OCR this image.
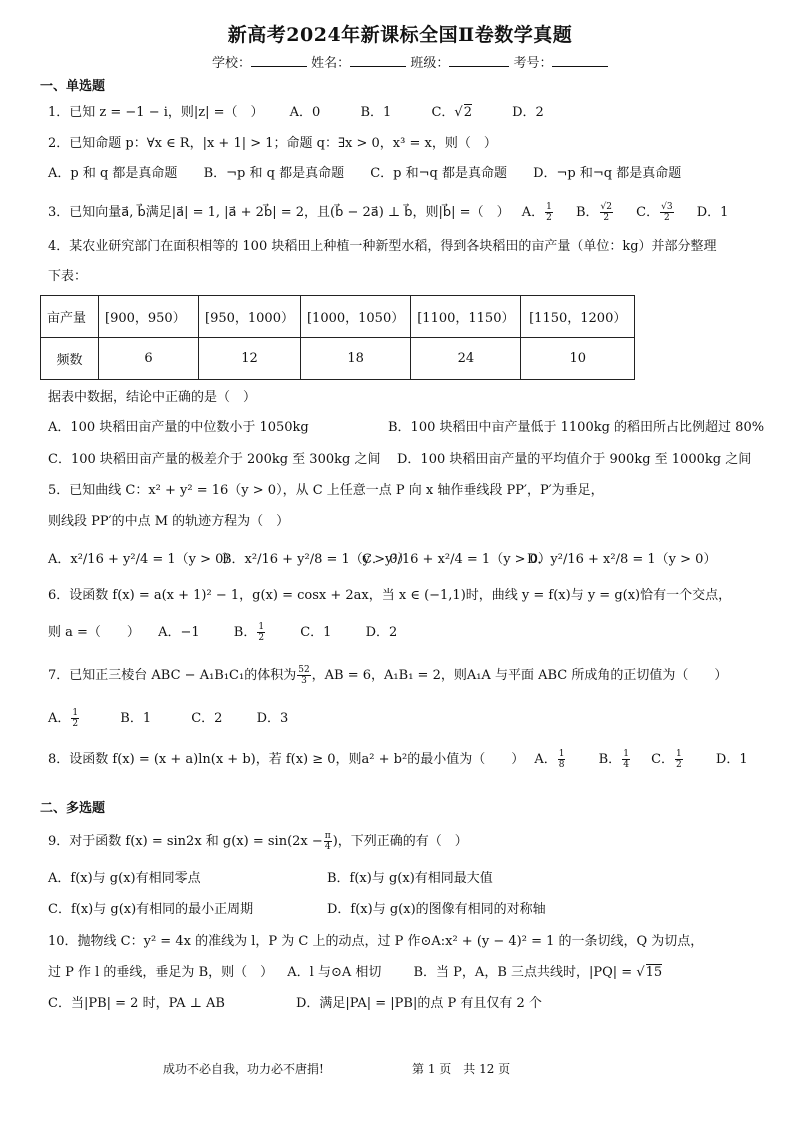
新高考2024年新课标全国Ⅱ卷数学真题
学校：	姓名：	班级：	考号：
一、单选题
1．已知 z = −1 − i，则|z| =（　） A．0	B．1	C．√2	D．2
2．已知命题 p：∀x ∈ R，|x + 1| > 1；命题 q：∃x > 0，x³ = x，则（　）
A．p 和 q 都是真命题 B．¬p 和 q 都是真命题 C．p 和¬q 都是真命题 D．¬p 和¬q 都是真命题
3．已知向量a⃗, b⃗满足|a⃗| = 1, |a⃗ + 2b⃗| = 2，且(b⃗ − 2a⃗) ⊥ b⃗，则|b⃗| =（　） A． $\frac{1}{2}$ B． $\frac{√2}{2}$ C． $\frac{√3}{2}$ D．1
4．某农业研究部门在面积相等的 100 块稻田上种植一种新型水稻，得到各块稻田的亩产量（单位：kg）并部分整理
下表：
亩产量	[900，950）	[950，1000）	[1000，1050）	[1100，1150）	[1150，1200）
频数	6	12	18	24	10
据表中数据，结论中正确的是（　）
A．100 块稻田亩产量的中位数小于 1050kg	B．100 块稻田中亩产量低于 1100kg 的稻田所占比例超过 80%
C．100 块稻田亩产量的极差介于 200kg 至 300kg 之间 D．100 块稻田亩产量的平均值介于 900kg 至 1000kg 之间
5．已知曲线 C：x² + y² = 16（y > 0），从 C 上任意一点 P 向 x 轴作垂线段 PP′，P′为垂足，
则线段 PP′的中点 M 的轨迹方程为（　）
A．x²/16 + y²/4 = 1（y > 0）
B．x²/16 + y²/8 = 1（y > 0）
C．y²/16 + x²/4 = 1（y > 0）
D．y²/16 + x²/8 = 1（y > 0）
6．设函数 f(x) = a(x + 1)² − 1，g(x) = cosx + 2ax，当 x ∈ (−1,1)时，曲线 y = f(x)与 y = g(x)恰有一个交点，
则 a =（　　） A．−1	B． $\frac{1}{2}$	C．1	D．2
7．已知正三棱台 ABC − A₁B₁C₁的体积为 $\frac{52}{3}$ ，AB = 6，A₁B₁ = 2，则A₁A 与平面 ABC 所成角的正切值为（　　）
A． $\frac{1}{2}$	B．1	C．2	D．3
8．设函数 f(x) = (x + a)ln(x + b)，若 f(x) ≥ 0，则a² + b²的最小值为（　　） A． $\frac{1}{8}$	B． $\frac{1}{4}$ C． $\frac{1}{2}$	D．1
二、多选题
9．对于函数 f(x) = sin2x 和 $g(x) = \sin(2x - \frac{\pi}{4}$ )，下列正确的有（　）
A．f(x)与 g(x)有相同零点	B．f(x)与 g(x)有相同最大值
C．f(x)与 g(x)有相同的最小正周期	D．f(x)与 g(x)的图像有相同的对称轴
10．抛物线 C：y² = 4x 的准线为 l，P 为 C 上的动点，过 P 作⊙A:x² + (y − 4)² = 1 的一条切线，Q 为切点，
过 P 作 l 的垂线，垂足为 B，则（　） A．l 与⊙A 相切 B．当 P，A，B 三点共线时，|PQ| = √15
C．当|PB| = 2 时，PA ⊥ AB	D．满足|PA| = |PB|的点 P 有且仅有 2 个
成功不必自我，功力必不唐捐!	第 1 页　共 12 页
